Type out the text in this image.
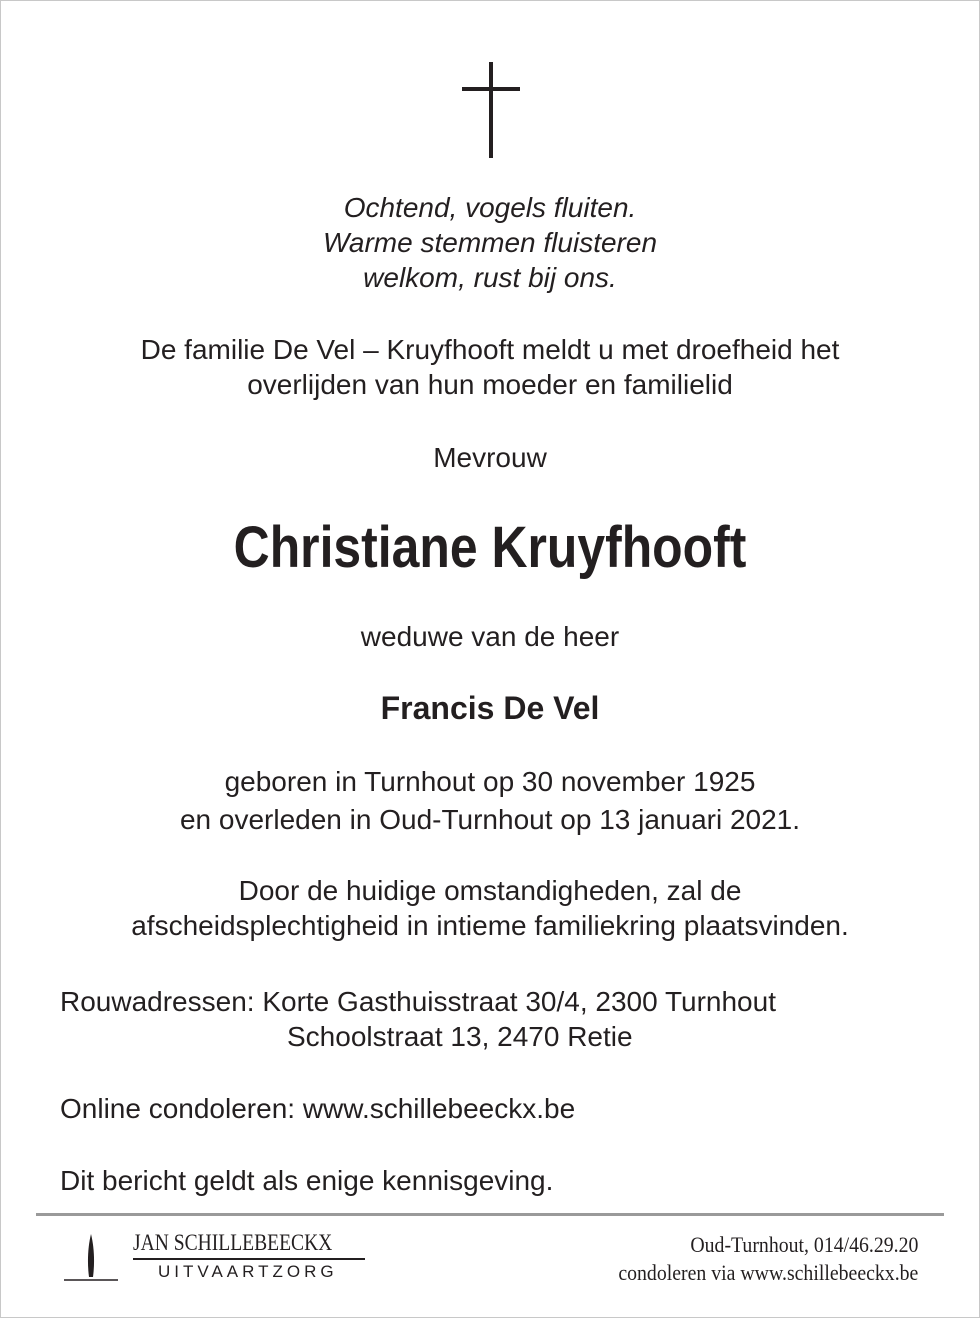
Ochtend, vogels fluiten.
Warme stemmen fluisteren
welkom, rust bij ons.
De familie De Vel – Kruyfhooft meldt u met droefheid het
overlijden van hun moeder en familielid
Mevrouw
Christiane Kruyfhooft
weduwe van de heer
Francis De Vel
geboren in Turnhout op 30 november 1925
en overleden in Oud-Turnhout op 13 januari 2021.
Door de huidige omstandigheden, zal de
afscheidsplechtigheid in intieme familiekring plaatsvinden.
Rouwadressen: Korte Gasthuisstraat 30/4, 2300 Turnhout
Schoolstraat 13, 2470 Retie
Online condoleren: www.schillebeeckx.be
Dit bericht geldt als enige kennisgeving.
JAN SCHILLEBEECKX
UITVAARTZORG
Oud-Turnhout, 014/46.29.20
condoleren via www.schillebeeckx.be
